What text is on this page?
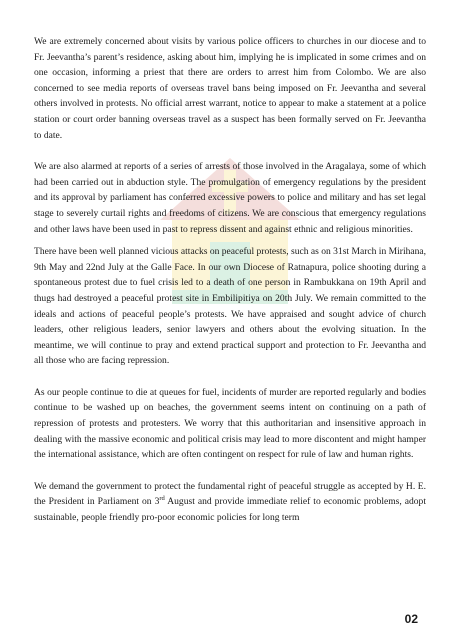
We are extremely concerned about visits by various police officers to churches in our diocese and to Fr. Jeevantha’s parent’s residence, asking about him, implying he is implicated in some crimes and on one occasion, informing a priest that there are orders to arrest him from Colombo. We are also concerned to see media reports of overseas travel bans being imposed on Fr. Jeevantha and several others involved in protests. No official arrest warrant, notice to appear to make a statement at a police station or court order banning overseas travel as a suspect has been formally served on Fr. Jeevantha to date.

We are also alarmed at reports of a series of arrests of those involved in the Aragalaya, some of which had been carried out in abduction style. The promulgation of emergency regulations by the president and its approval by parliament has conferred excessive powers to police and military and has set legal stage to severely curtail rights and freedoms of citizens. We are conscious that emergency regulations and other laws have been used in past to repress dissent and against ethnic and religious minorities.

There have been well planned vicious attacks on peaceful protests, such as on 31st March in Mirihana, 9th May and 22nd July at the Galle Face. In our own Diocese of Ratnapura, police shooting during a spontaneous protest due to fuel crisis led to a death of one person in Rambukkana on 19th April and thugs had destroyed a peaceful protest site in Embilipitiya on 20th July. We remain committed to the ideals and actions of peaceful people’s protests. We have appraised and sought advice of church leaders, other religious leaders, senior lawyers and others about the evolving situation. In the meantime, we will continue to pray and extend practical support and protection to Fr. Jeevantha and all those who are facing repression.

As our people continue to die at queues for fuel, incidents of murder are reported regularly and bodies continue to be washed up on beaches, the government seems intent on continuing on a path of repression of protests and protesters. We worry that this authoritarian and insensitive approach in dealing with the massive economic and political crisis may lead to more discontent and might hamper the international assistance, which are often contingent on respect for rule of law and human rights.

We demand the government to protect the fundamental right of peaceful struggle as accepted by H. E. the President in Parliament on 3rd August and provide immediate relief to economic problems, adopt sustainable, people friendly pro-poor economic policies for long term

02
